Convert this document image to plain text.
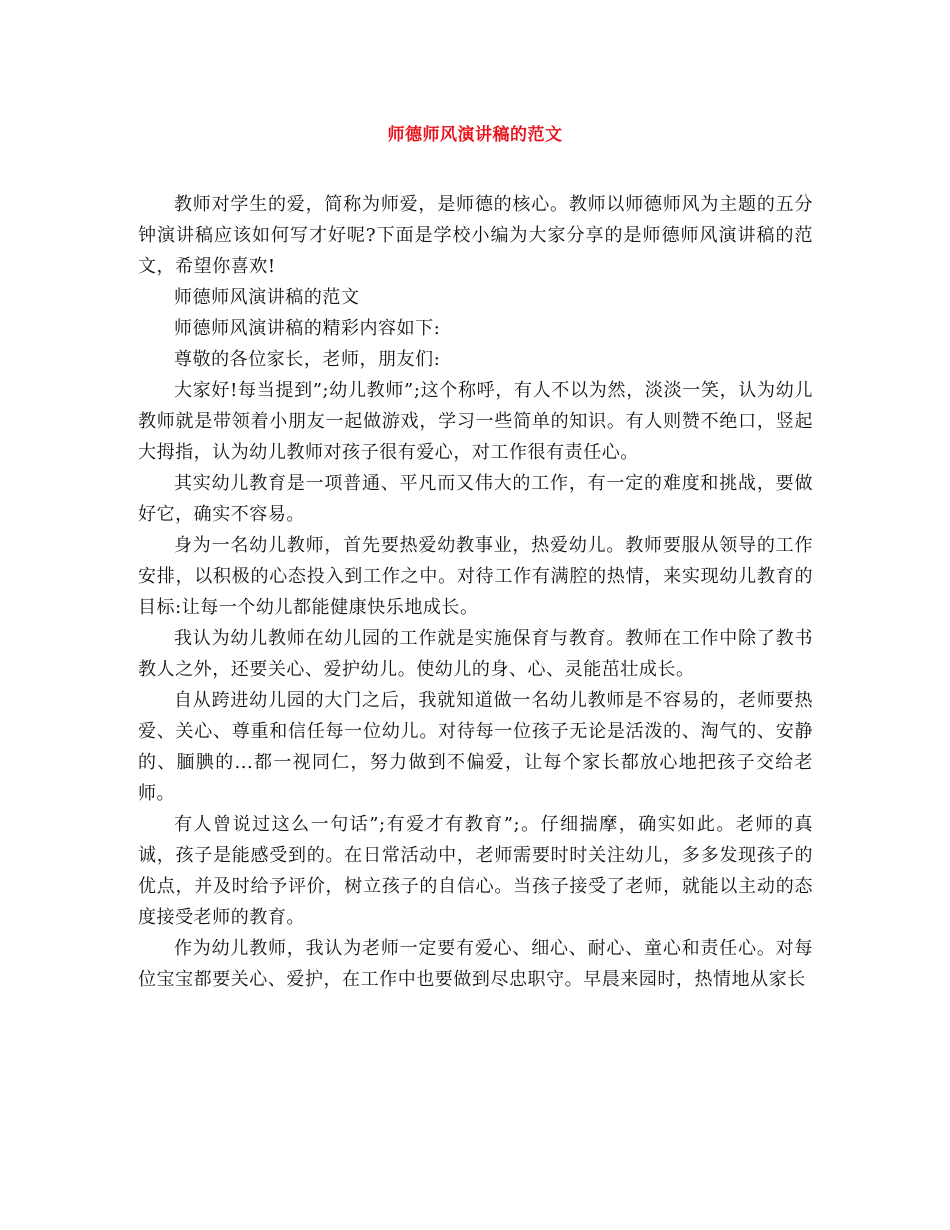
师德师风演讲稿的范文

教师对学生的爱，简称为师爱，是师德的核心。教师以师德师风为主题的五分钟演讲稿应该如何写才好呢?下面是学校小编为大家分享的是师德师风演讲稿的范文，希望你喜欢!

师德师风演讲稿的范文

师德师风演讲稿的精彩内容如下:

尊敬的各位家长，老师，朋友们:

大家好!每当提到”;幼儿教师”;这个称呼，有人不以为然，淡淡一笑，认为幼儿教师就是带领着小朋友一起做游戏，学习一些简单的知识。有人则赞不绝口，竖起大拇指，认为幼儿教师对孩子很有爱心，对工作很有责任心。

其实幼儿教育是一项普通、平凡而又伟大的工作，有一定的难度和挑战，要做好它，确实不容易。

身为一名幼儿教师，首先要热爱幼教事业，热爱幼儿。教师要服从领导的工作安排，以积极的心态投入到工作之中。对待工作有满腔的热情，来实现幼儿教育的目标:让每一个幼儿都能健康快乐地成长。

我认为幼儿教师在幼儿园的工作就是实施保育与教育。教师在工作中除了教书教人之外，还要关心、爱护幼儿。使幼儿的身、心、灵能茁壮成长。

自从跨进幼儿园的大门之后，我就知道做一名幼儿教师是不容易的，老师要热爱、关心、尊重和信任每一位幼儿。对待每一位孩子无论是活泼的、淘气的、安静的、腼腆的...都一视同仁，努力做到不偏爱，让每个家长都放心地把孩子交给老师。

有人曾说过这么一句话”;有爱才有教育”;。仔细揣摩，确实如此。老师的真诚，孩子是能感受到的。在日常活动中，老师需要时时关注幼儿，多多发现孩子的优点，并及时给予评价，树立孩子的自信心。当孩子接受了老师，就能以主动的态度接受老师的教育。

作为幼儿教师，我认为老师一定要有爱心、细心、耐心、童心和责任心。对每位宝宝都要关心、爱护，在工作中也要做到尽忠职守。早晨来园时，热情地从家长
